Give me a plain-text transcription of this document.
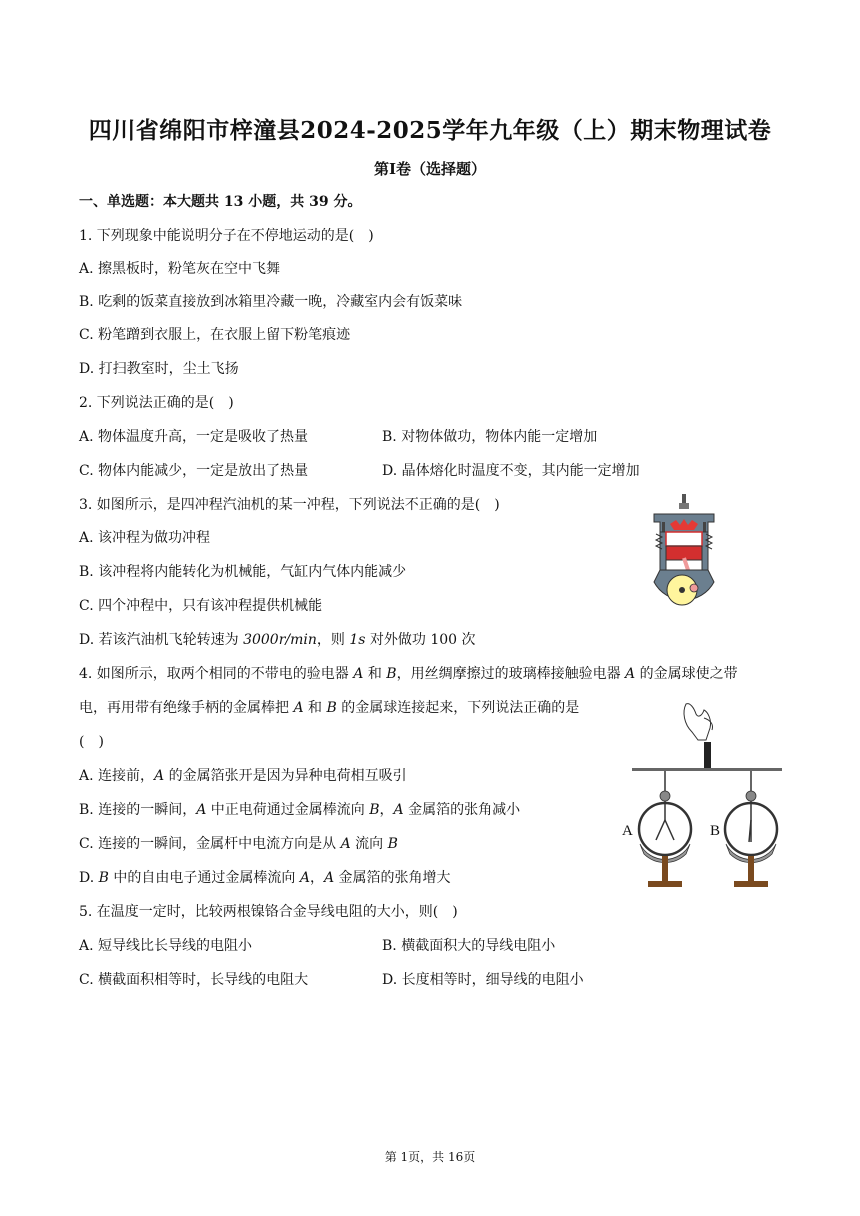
四川省绵阳市梓潼县2024-2025学年九年级（上）期末物理试卷
第I卷（选择题）
一、单选题：本大题共 13 小题，共 39 分。
1. 下列现象中能说明分子在不停地运动的是(　)
A. 擦黑板时，粉笔灰在空中飞舞
B. 吃剩的饭菜直接放到冰箱里冷藏一晚，冷藏室内会有饭菜味
C. 粉笔蹭到衣服上，在衣服上留下粉笔痕迹
D. 打扫教室时，尘土飞扬
2. 下列说法正确的是(　)
A. 物体温度升高，一定是吸收了热量	B. 对物体做功，物体内能一定增加
C. 物体内能减少，一定是放出了热量	D. 晶体熔化时温度不变，其内能一定增加
3. 如图所示，是四冲程汽油机的某一冲程，下列说法不正确的是(　)
A. 该冲程为做功冲程
B. 该冲程将内能转化为机械能，气缸内气体内能减少
C. 四个冲程中，只有该冲程提供机械能
D. 若该汽油机飞轮转速为 3000r/min，则 1s 对外做功 100 次
4. 如图所示，取两个相同的不带电的验电器 A 和 B，用丝绸摩擦过的玻璃棒接触验电器 A 的金属球使之带
电，再用带有绝缘手柄的金属棒把 A 和 B 的金属球连接起来，下列说法正确的是
(　)
A. 连接前，A 的金属箔张开是因为异种电荷相互吸引
B. 连接的一瞬间，A 中正电荷通过金属棒流向 B，A 金属箔的张角减小
C. 连接的一瞬间，金属杆中电流方向是从 A 流向 B
D. B 中的自由电子通过金属棒流向 A，A 金属箔的张角增大
A	B
5. 在温度一定时，比较两根镍铬合金导线电阻的大小，则(　)
A. 短导线比长导线的电阻小	B. 横截面积大的导线电阻小
C. 横截面积相等时，长导线的电阻大	D. 长度相等时，细导线的电阻小
第 1页，共 16页
